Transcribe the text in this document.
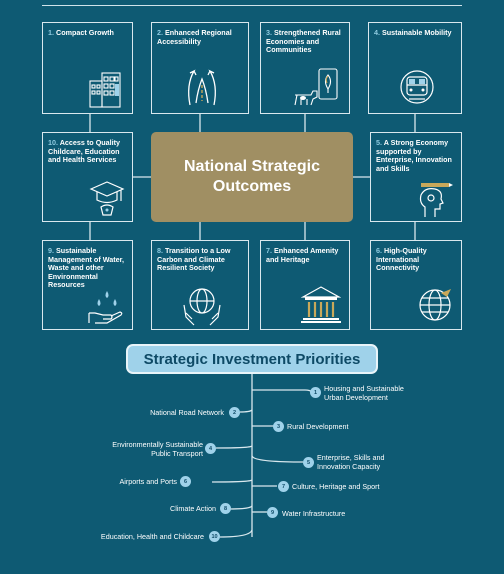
1. Compact Growth	2. Enhanced Regional Accessibility
3. Strengthened Rural Economies and Communities
4. Sustainable Mobility
10. Access to Quality Childcare, Education and Health Services	National Strategic Outcomes
5. A Strong Economy supported by Enterprise, Innovation and Skills
9. Sustainable Management of Water, Waste and other Environmental Resources
8. Transition to a Low Carbon and Climate Resilient Society
7. Enhanced Amenity and Heritage
6. High-Quality International Connectivity
Strategic Investment Priorities
1 Housing and Sustainable
Urban Development
2
National Road Network
3 Rural Development
4
Environmentally Sustainable
Public Transport
5
Enterprise, Skills and
Innovation Capacity
6
Airports and Ports
7 Culture, Heritage and Sport
8
Climate Action	9 Water Infrastructure
10
Education, Health and Childcare
